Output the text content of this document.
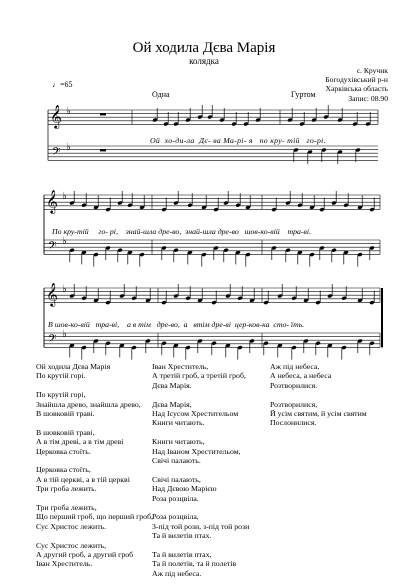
Ой ходила Дєва Марія
колядка
с. Кручик
Богодухівський р-н
Харківська область
Запис: 08.90
♩=65
Одна	Гуртом
𝄞
𝄢
♭
♭
𝄞
𝄢
♭
♭
𝄞
𝄢
♭
♭
Ой  хо-ди-ла  Дє- ва Ма-рі- я   по кру- тій   го-рі.
По кру-тій     го- рі,    знай-шла дре-во,  знай-шла дре-во   шов-ко-вій    тра-ві.
В шов-ко-вій   тра-ві,    а в тім   дре-во,  а   втім дре-ві  цер-ков-ка  сто- їть.
Ой ходила Дєва Марія
По крутій горі.
По крутій горі,
Знайшла древо, знайшла древо,
В шовковій траві.
В шовковій траві,
А в тім древі, а в тім древі
Церковка стоїть.
Церковка стоїть,
А в тій церкві, а в тій церкві
Три гроба лежить.
Три гроба лежить,
Що перший гроб, що перший гроб,
Сус Христос лежить.
Сус Христос лежить,
А другий гроб, а другий гроб
Іван Хреститель.
Іван Хреститель,
А третій гроб, а третій гроб,
Дєва Марія.
Дєва Марія,
Над Ісусом Хрестительом
Книги читають.
Книги читають,
Над Іваном Хрестительом,
Свічі палають.
Свічі палають,
Над Дєвою Марією
Роза розцвіла.
Роза розцвіла,
З-під той рози, з-під той рози
Та й вилетів птах.
Та й вилетів птах,
Та й полетів, та й полетів
Аж під небеса.
Аж під небеса,
А небеса, а небеса
Розтворилися.
Розтворилися,
Й усім святим, й усім святим
Послонилися.
